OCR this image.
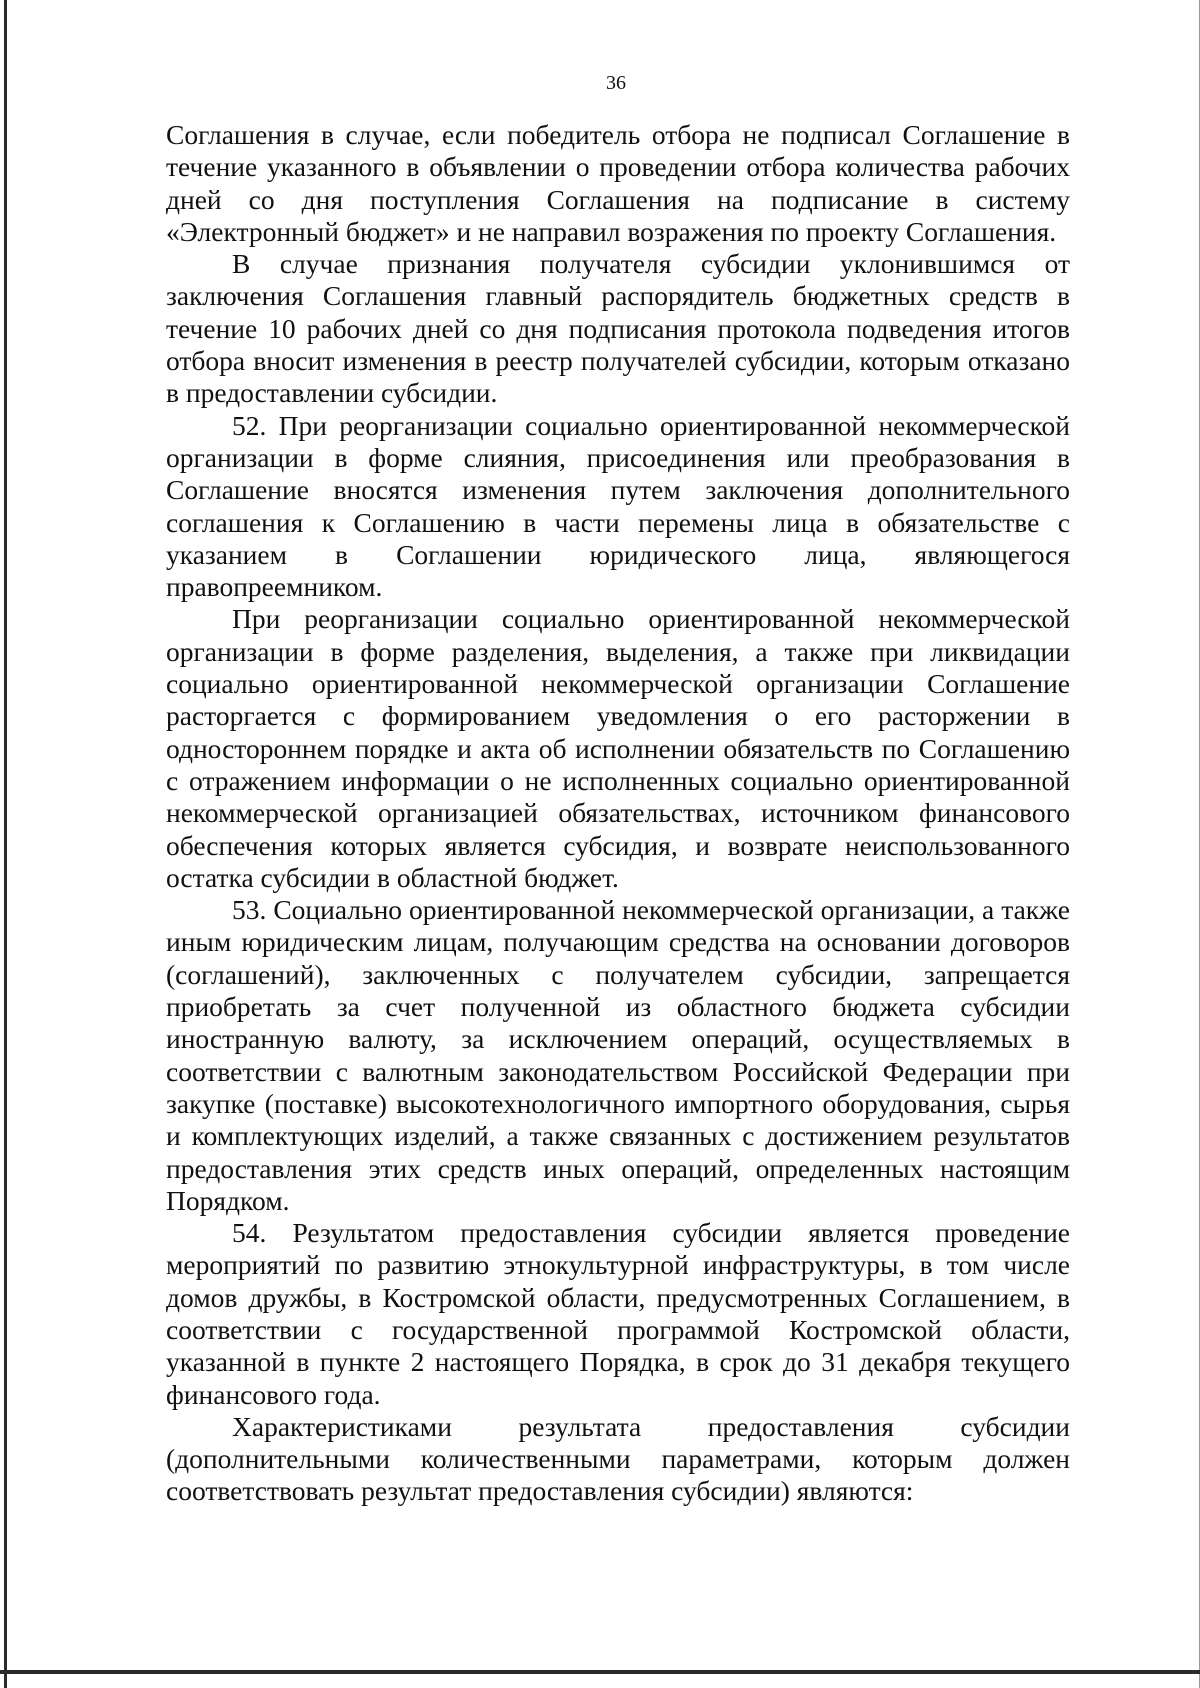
36

Соглашения в случае, если победитель отбора не подписал Соглашение в течение указанного в объявлении о проведении отбора количества рабочих дней со дня поступления Соглашения на подписание в систему «Электронный бюджет» и не направил возражения по проекту Соглашения.

В случае признания получателя субсидии уклонившимся от заключения Соглашения главный распорядитель бюджетных средств в течение 10 рабочих дней со дня подписания протокола подведения итогов отбора вносит изменения в реестр получателей субсидии, которым отказано в предоставлении субсидии.

52. При реорганизации социально ориентированной некоммерческой организации в форме слияния, присоединения или преобразования в Соглашение вносятся изменения путем заключения дополнительного соглашения к Соглашению в части перемены лица в обязательстве с указанием в Соглашении юридического лица, являющегося правопреемником.

При реорганизации социально ориентированной некоммерческой организации в форме разделения, выделения, а также при ликвидации социально ориентированной некоммерческой организации Соглашение расторгается с формированием уведомления о его расторжении в одностороннем порядке и акта об исполнении обязательств по Соглашению с отражением информации о не исполненных социально ориентированной некоммерческой организацией обязательствах, источником финансового обеспечения которых является субсидия, и возврате неиспользованного остатка субсидии в областной бюджет.

53. Социально ориентированной некоммерческой организации, а также иным юридическим лицам, получающим средства на основании договоров (соглашений), заключенных с получателем субсидии, запрещается приобретать за счет полученной из областного бюджета субсидии иностранную валюту, за исключением операций, осуществляемых в соответствии с валютным законодательством Российской Федерации при закупке (поставке) высокотехнологичного импортного оборудования, сырья и комплектующих изделий, а также связанных с достижением результатов предоставления этих средств иных операций, определенных настоящим Порядком.

54. Результатом предоставления субсидии является проведение мероприятий по развитию этнокультурной инфраструктуры, в том числе домов дружбы, в Костромской области, предусмотренных Соглашением, в соответствии с государственной программой Костромской области, указанной в пункте 2 настоящего Порядка, в срок до 31 декабря текущего финансового года.

Характеристиками результата предоставления субсидии (дополнительными количественными параметрами, которым должен соответствовать результат предоставления субсидии) являются:
